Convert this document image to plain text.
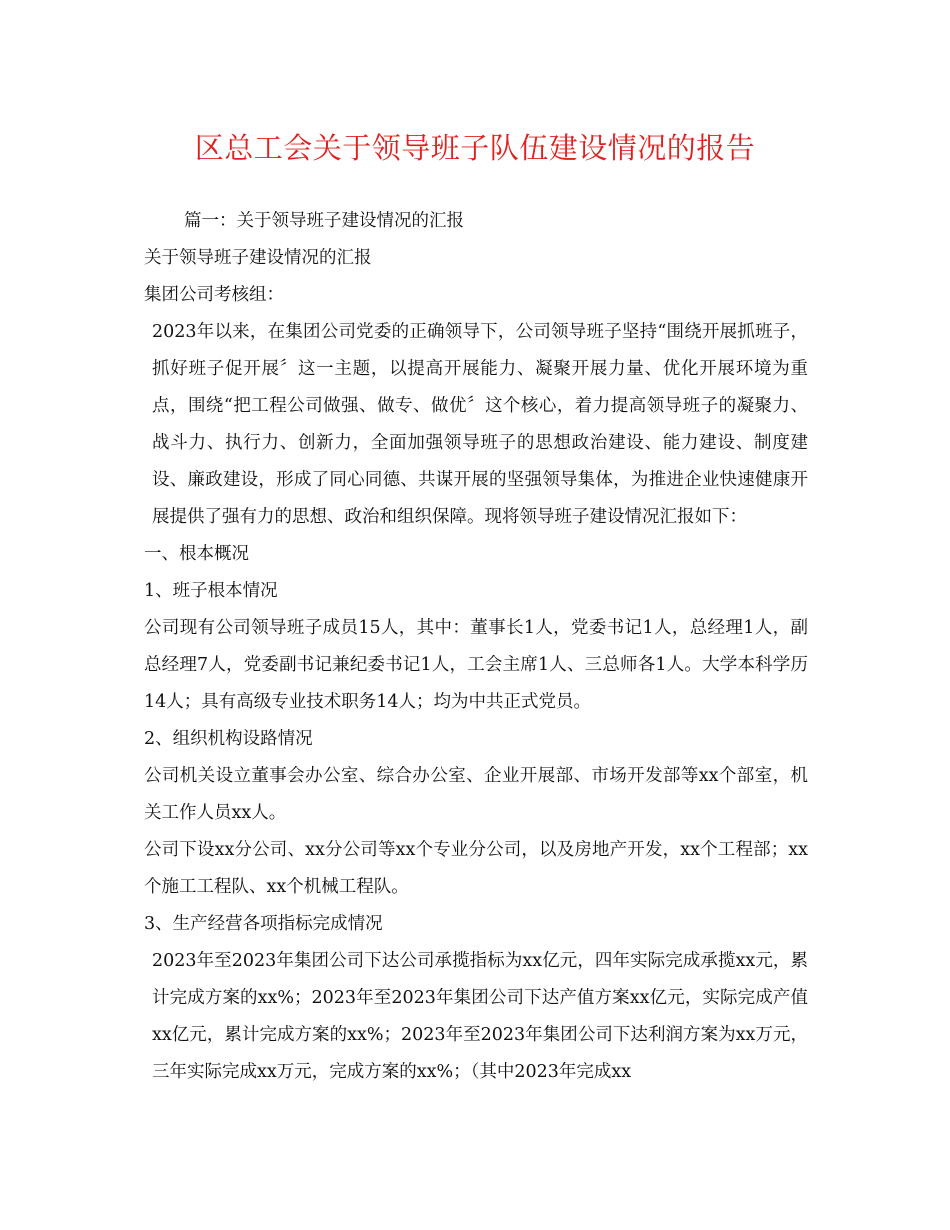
区总工会关于领导班子队伍建设情况的报告

篇一：关于领导班子建设情况的汇报

关于领导班子建设情况的汇报

集团公司考核组：

2023年以来，在集团公司党委的正确领导下，公司领导班子坚持“围绕开展抓班子，抓好班子促开展〞这一主题，以提高开展能力、凝聚开展力量、优化开展环境为重点，围绕“把工程公司做强、做专、做优〞这个核心，着力提高领导班子的凝聚力、战斗力、执行力、创新力，全面加强领导班子的思想政治建设、能力建设、制度建设、廉政建设，形成了同心同德、共谋开展的坚强领导集体，为推进企业快速健康开展提供了强有力的思想、政治和组织保障。现将领导班子建设情况汇报如下：

一、根本概况

1、班子根本情况

公司现有公司领导班子成员15人，其中：董事长1人，党委书记1人，总经理1人，副总经理7人，党委副书记兼纪委书记1人，工会主席1人、三总师各1人。大学本科学历14人；具有高级专业技术职务14人；均为中共正式党员。

2、组织机构设路情况

公司机关设立董事会办公室、综合办公室、企业开展部、市场开发部等xx个部室，机关工作人员xx人。

公司下设xx分公司、xx分公司等xx个专业分公司，以及房地产开发，xx个工程部；xx个施工工程队、xx个机械工程队。

3、生产经营各项指标完成情况

2023年至2023年集团公司下达公司承揽指标为xx亿元，四年实际完成承揽xx元，累计完成方案的xx%；2023年至2023年集团公司下达产值方案xx亿元，实际完成产值xx亿元，累计完成方案的xx%；2023年至2023年集团公司下达利润方案为xx万元，三年实际完成xx万元，完成方案的xx%；（其中2023年完成xx
